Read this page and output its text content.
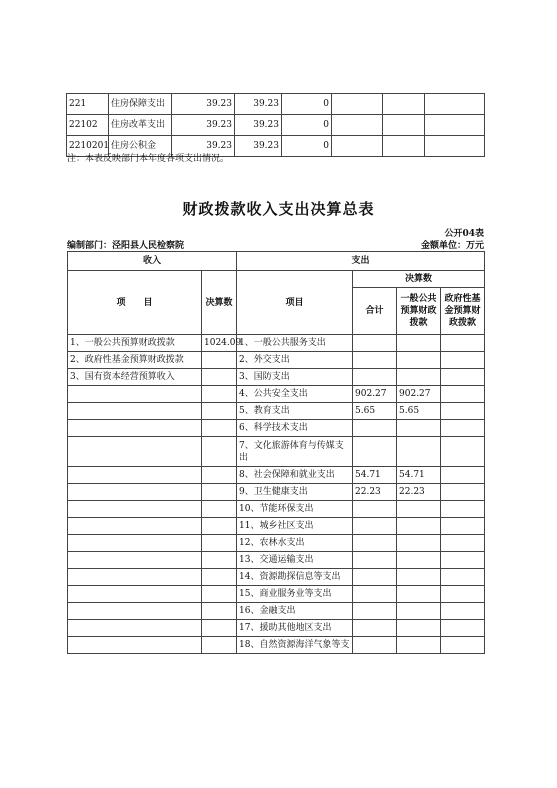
221	住房保障支出	39.23	39.23	0			
22102	住房改革支出	39.23	39.23	0			
2210201	住房公积金	39.23	39.23	0			
注：本表反映部门本年度各项支出情况。
财政拨款收入支出决算总表
公开04表
编制部门：泾阳县人民检察院	金额单位：万元
收入		支出			
项　　目	决算数	项目	决算数		
			合计	一般公共预算财政拨款	政府性基金预算财政拨款
1、一般公共预算财政拨款	1024.09	1、一般公共服务支出			
2、政府性基金预算财政拨款		2、外交支出			
3、国有资本经营预算收入		3、国防支出			
		4、公共安全支出	902.27	902.27	
		5、教育支出	5.65	5.65	
		6、科学技术支出			
		7、文化旅游体育与传媒支出			
		8、社会保障和就业支出	54.71	54.71	
		9、卫生健康支出	22.23	22.23	
		10、节能环保支出			
		11、城乡社区支出			
		12、农林水支出			
		13、交通运输支出			
		14、资源勘探信息等支出			
		15、商业服务业等支出			
		16、金融支出			
		17、援助其他地区支出			
		18、自然资源海洋气象等支			
